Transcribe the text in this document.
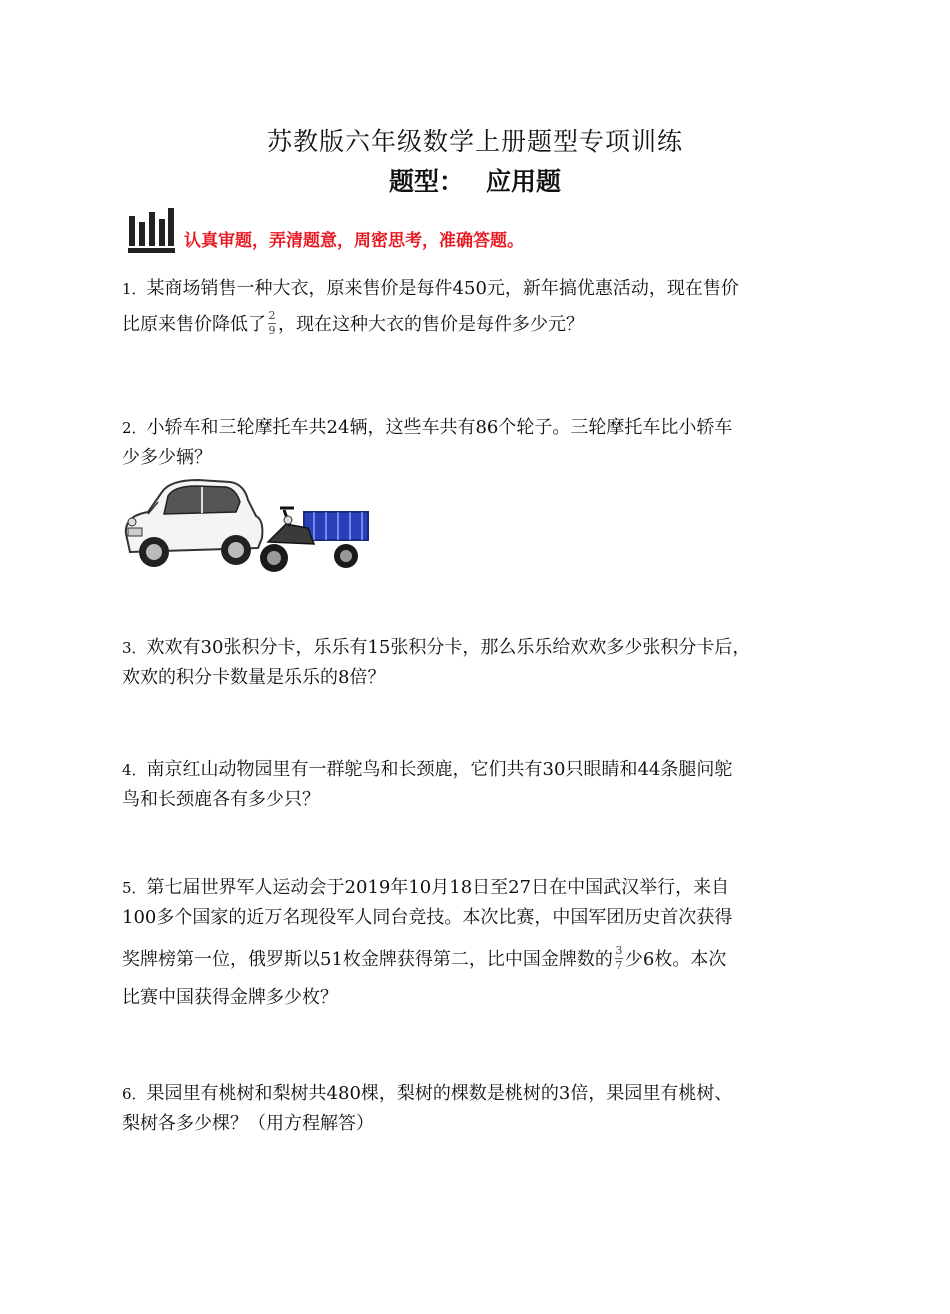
苏教版六年级数学上册题型专项训练
题型： 应用题
认真审题，弄清题意，周密思考，准确答题。

1．某商场销售一种大衣，原来售价是每件450元，新年搞优惠活动，现在售价

比原来售价降低了 $\frac{2}{9}$ ，现在这种大衣的售价是每件多少元？

2．小轿车和三轮摩托车共24辆，这些车共有86个轮子。三轮摩托车比小轿车

少多少辆？

3．欢欢有30张积分卡，乐乐有15张积分卡，那么乐乐给欢欢多少张积分卡后，

欢欢的积分卡数量是乐乐的8倍？

4．南京红山动物园里有一群鸵鸟和长颈鹿，它们共有30只眼睛和44条腿问鸵

鸟和长颈鹿各有多少只？

5．第七届世界军人运动会于2019年10月18日至27日在中国武汉举行，来自

100多个国家的近万名现役军人同台竞技。本次比赛，中国军团历史首次获得

奖牌榜第一位，俄罗斯以51枚金牌获得第二，比中国金牌数的 $\frac{3}{7}$ 少6枚。本次

比赛中国获得金牌多少枚？

6．果园里有桃树和梨树共480棵，梨树的棵数是桃树的3倍，果园里有桃树、

梨树各多少棵？（用方程解答）
